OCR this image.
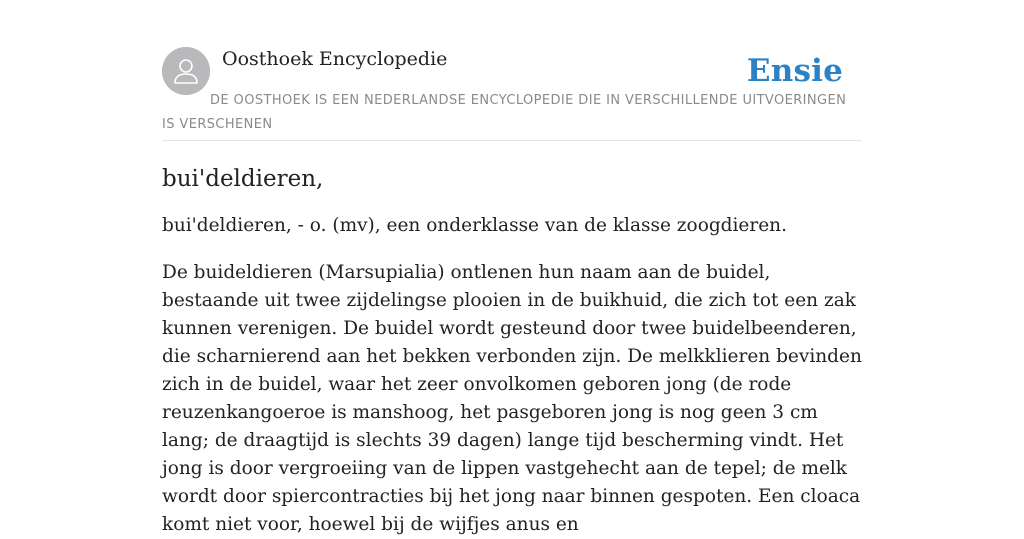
Oosthoek Encyclopedie	Ensie
DE OOSTHOEK IS EEN NEDERLANDSE ENCYCLOPEDIE DIE IN VERSCHILLENDE UITVOERINGEN IS VERSCHENEN
bui'deldieren,

bui'deldieren, - o. (mv), een onderklasse van de klasse zoogdieren.

De buideldieren (Marsupialia) ontlenen hun naam aan de buidel, bestaande uit twee zijdelingse plooien in de buikhuid, die zich tot een zak kunnen verenigen. De buidel wordt gesteund door twee buidelbeenderen, die scharnierend aan het bekken verbonden zijn. De melkklieren bevinden zich in de buidel, waar het zeer onvolkomen geboren jong (de rode reuzenkangoeroe is manshoog, het pasgeboren jong is nog geen 3 cm lang; de draagtijd is slechts 39 dagen) lange tijd bescherming vindt. Het jong is door vergroeiing van de lippen vastgehecht aan de tepel; de melk wordt door spiercontracties bij het jong naar binnen gespoten. Een cloaca komt niet voor, hoewel bij de wijfjes anus en
